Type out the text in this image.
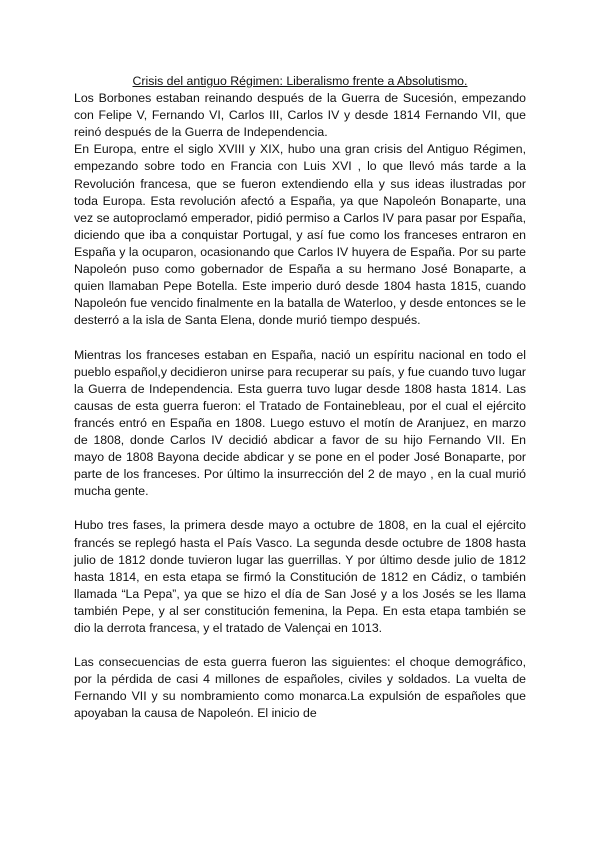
Crisis del antiguo Régimen: Liberalismo frente a Absolutismo.

Los Borbones estaban reinando después de la Guerra de Sucesión, empezando con Felipe V, Fernando VI, Carlos III, Carlos IV y desde 1814 Fernando VII, que reinó después de la Guerra de Independencia.

En Europa, entre el siglo XVIII y XIX, hubo una gran crisis del Antiguo Régimen, empezando sobre todo en Francia con Luis XVI , lo que llevó más tarde a la Revolución francesa, que se fueron extendiendo ella y sus ideas ilustradas por toda Europa. Esta revolución afectó a España, ya que Napoleón Bonaparte, una vez se autoproclamó emperador, pidió permiso a Carlos IV para pasar por España, diciendo que iba a conquistar Portugal, y así fue como los franceses entraron en España y la ocuparon, ocasionando que Carlos IV huyera de España. Por su parte Napoleón puso como gobernador de España a su hermano José Bonaparte, a quien llamaban Pepe Botella. Este imperio duró desde 1804 hasta 1815, cuando Napoleón fue vencido finalmente en la batalla de Waterloo, y desde entonces se le desterró a la isla de Santa Elena, donde murió tiempo después.

Mientras los franceses estaban en España, nació un espíritu nacional en todo el pueblo español,y decidieron unirse para recuperar su país, y fue cuando tuvo lugar la Guerra de Independencia. Esta guerra tuvo lugar desde 1808 hasta 1814. Las causas de esta guerra fueron: el Tratado de Fontainebleau, por el cual el ejército francés entró en España en 1808. Luego estuvo el motín de Aranjuez, en marzo de 1808, donde Carlos IV decidió abdicar a favor de su hijo Fernando VII. En mayo de 1808 Bayona decide abdicar y se pone en el poder José Bonaparte, por parte de los franceses. Por último la insurrección del 2 de mayo , en la cual murió mucha gente.

Hubo tres fases, la primera desde mayo a octubre de 1808, en la cual el ejército francés se replegó hasta el País Vasco. La segunda desde octubre de 1808 hasta julio de 1812 donde tuvieron lugar las guerrillas. Y por último desde julio de 1812 hasta 1814, en esta etapa se firmó la Constitución de 1812 en Cádiz, o también llamada “La Pepa”, ya que se hizo el día de San José y a los Josés se les llama también Pepe, y al ser constitución femenina, la Pepa. En esta etapa también se dio la derrota francesa, y el tratado de Valençai en 1013.

Las consecuencias de esta guerra fueron las siguientes: el choque demográfico, por la pérdida de casi 4 millones de españoles, civiles y soldados. La vuelta de Fernando VII y su nombramiento como monarca.La expulsión de españoles que apoyaban la causa de Napoleón. El inicio de
